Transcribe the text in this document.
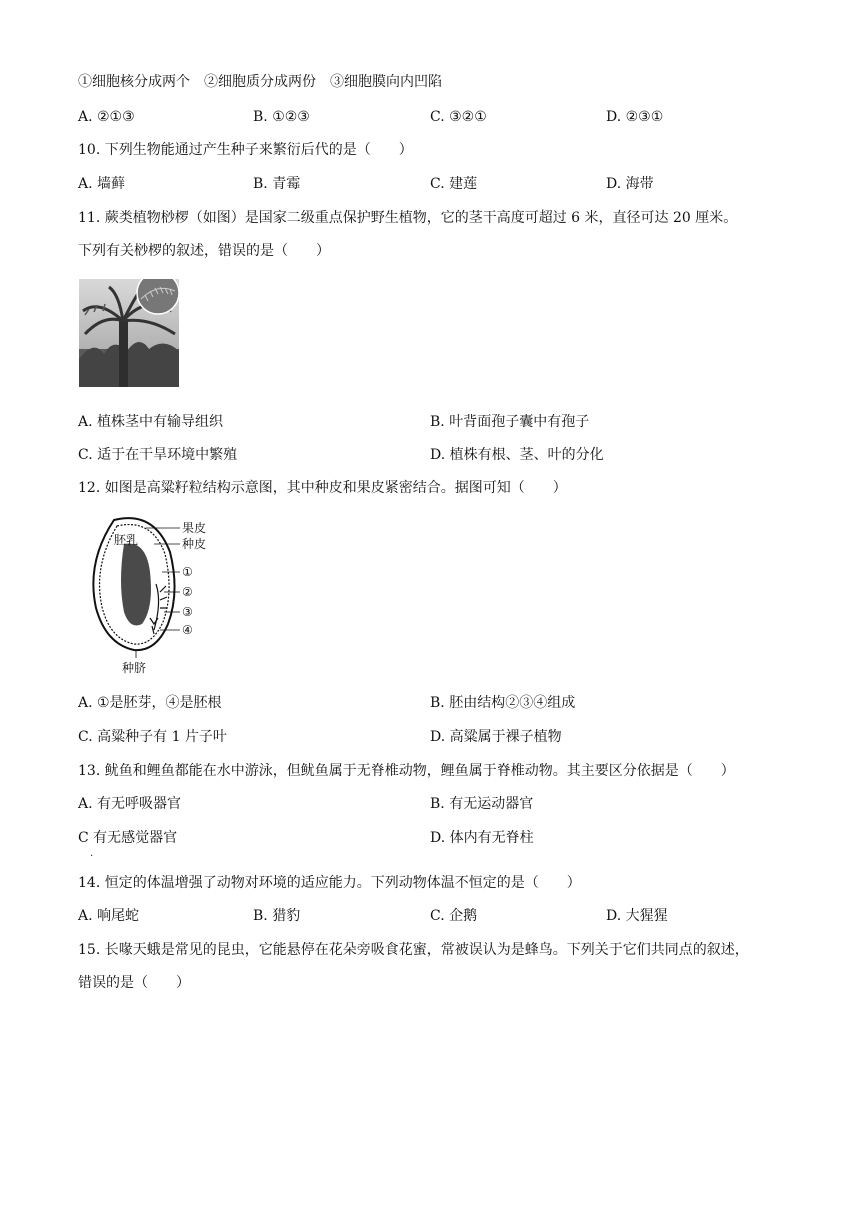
①细胞核分成两个　②细胞质分成两份　③细胞膜向内凹陷
A. ②①③	B. ①②③	C. ③②①	D. ②③①
10. 下列生物能通过产生种子来繁衍后代的是（　　）
A. 墙藓	B. 青霉	C. 建莲	D. 海带
11. 蕨类植物桫椤（如图）是国家二级重点保护野生植物，它的茎干高度可超过 6 米，直径可达 20 厘米。
下列有关桫椤的叙述，错误的是（　　）
A. 植株茎中有输导组织	B. 叶背面孢子囊中有孢子
C. 适于在干旱环境中繁殖	D. 植株有根、茎、叶的分化
12. 如图是高粱籽粒结构示意图，其中种皮和果皮紧密结合。据图可知（　　）
胚乳
果皮
种皮
①
②
③
④
种脐
A. ①是胚芽，④是胚根	B. 胚由结构②③④组成
C. 高粱种子有 1 片子叶	D. 高粱属于裸子植物
13. 鱿鱼和鲤鱼都能在水中游泳，但鱿鱼属于无脊椎动物，鲤鱼属于脊椎动物。其主要区分依据是（　　）
A. 有无呼吸器官	B. 有无运动器官
C 有无感觉器官	D. 体内有无脊柱
.
14. 恒定的体温增强了动物对环境的适应能力。下列动物体温不恒定的是（　　）
A. 响尾蛇	B. 猎豹	C. 企鹅	D. 大猩猩
15. 长喙天蛾是常见的昆虫，它能悬停在花朵旁吸食花蜜，常被误认为是蜂鸟。下列关于它们共同点的叙述，
错误的是（　　）
